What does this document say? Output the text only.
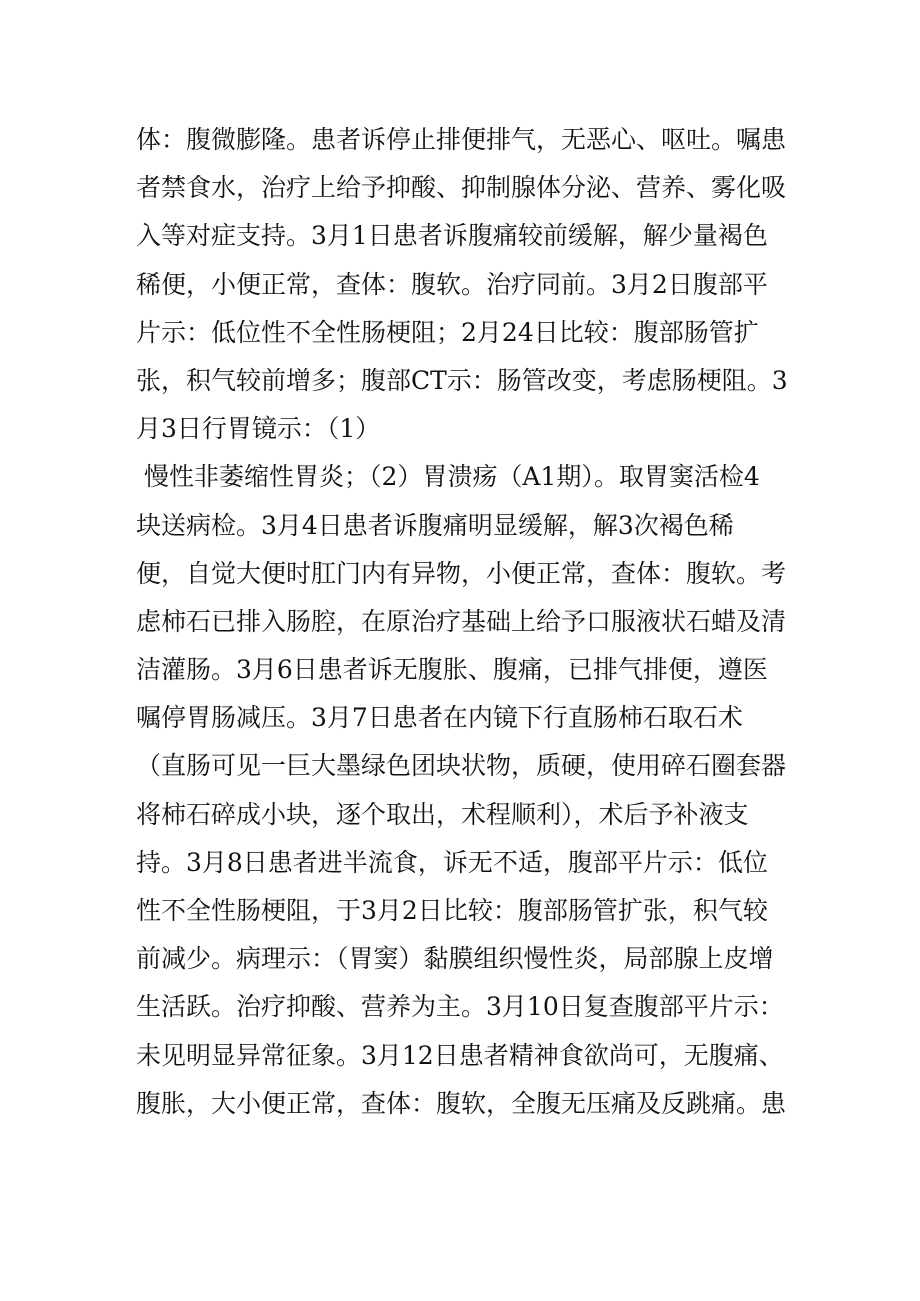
体：腹微膨隆。患者诉停止排便排气，无恶心、呕吐。嘱患
者禁食水，治疗上给予抑酸、抑制腺体分泌、营养、雾化吸
入等对症支持。3月1日患者诉腹痛较前缓解，解少量褐色
稀便，小便正常，查体：腹软。治疗同前。3月2日腹部平
片示：低位性不全性肠梗阻；2月24日比较：腹部肠管扩
张，积气较前增多；腹部CT示：肠管改变，考虑肠梗阻。3
月3日行胃镜示：（1）
慢性非萎缩性胃炎；（2）胃溃疡（A1期）。取胃窦活检4
块送病检。3月4日患者诉腹痛明显缓解，解3次褐色稀
便，自觉大便时肛门内有异物，小便正常，查体：腹软。考
虑柿石已排入肠腔，在原治疗基础上给予口服液状石蜡及清
洁灌肠。3月6日患者诉无腹胀、腹痛，已排气排便，遵医
嘱停胃肠减压。3月7日患者在内镜下行直肠柿石取石术
（直肠可见一巨大墨绿色团块状物，质硬，使用碎石圈套器
将柿石碎成小块，逐个取出，术程顺利），术后予补液支
持。3月8日患者进半流食，诉无不适，腹部平片示：低位
性不全性肠梗阻，于3月2日比较：腹部肠管扩张，积气较
前减少。病理示：（胃窦）黏膜组织慢性炎，局部腺上皮增
生活跃。治疗抑酸、营养为主。3月10日复查腹部平片示：
未见明显异常征象。3月12日患者精神食欲尚可，无腹痛、
腹胀，大小便正常，查体：腹软，全腹无压痛及反跳痛。患
